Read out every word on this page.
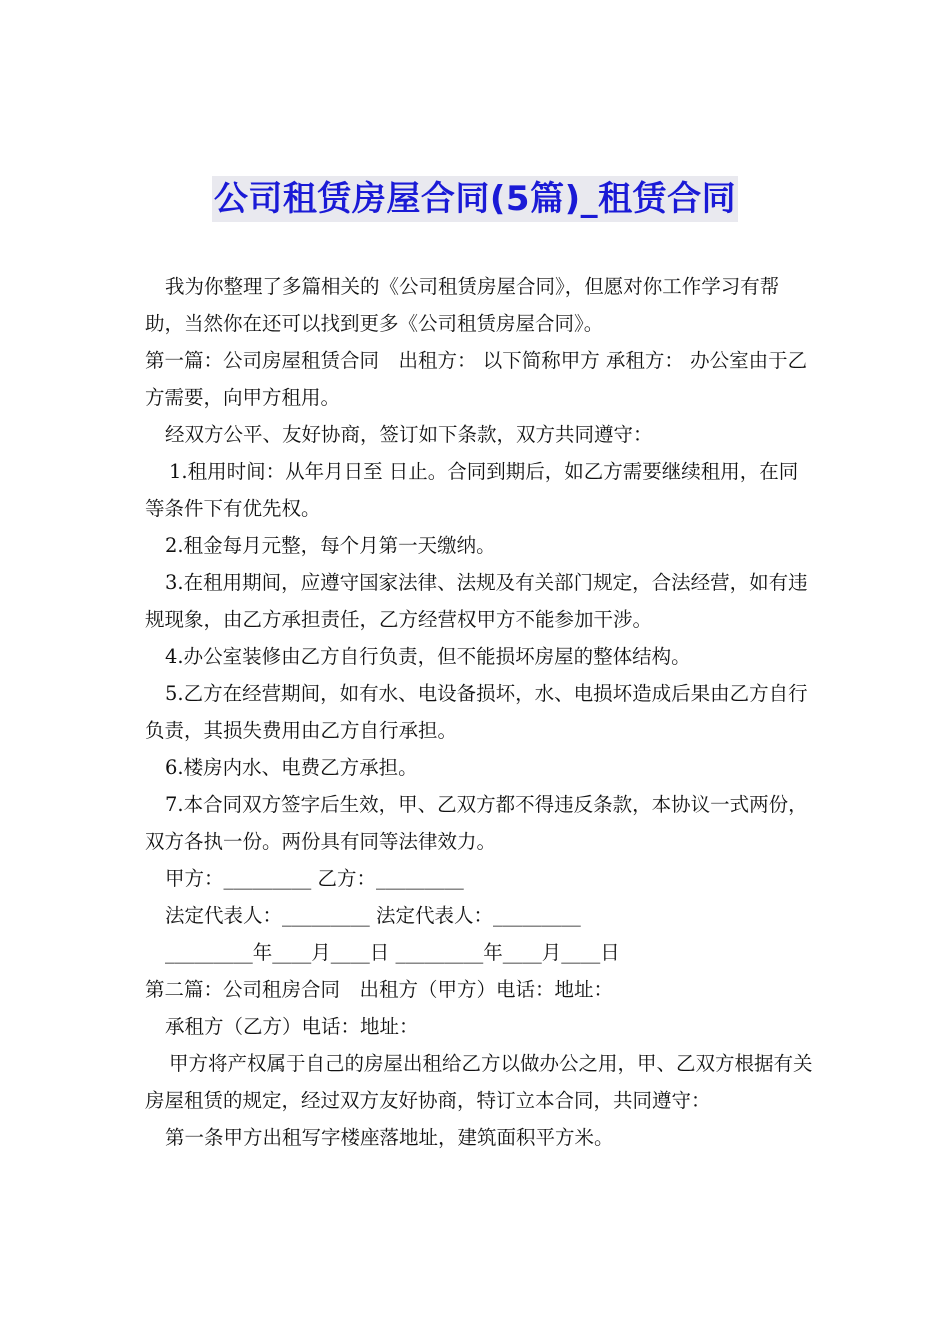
公司租赁房屋合同(5篇)_租赁合同

我为你整理了多篇相关的《公司租赁房屋合同》，但愿对你工作学习有帮助，当然你在还可以找到更多《公司租赁房屋合同》。

第一篇：公司房屋租赁合同　出租方： 以下简称甲方 承租方： 办公室由于乙方需要，向甲方租用。

经双方公平、友好协商，签订如下条款，双方共同遵守：

1.租用时间：从年月日至 日止。合同到期后，如乙方需要继续租用，在同等条件下有优先权。

2.租金每月元整，每个月第一天缴纳。

3.在租用期间，应遵守国家法律、法规及有关部门规定，合法经营，如有违规现象，由乙方承担责任，乙方经营权甲方不能参加干涉。

4.办公室装修由乙方自行负责，但不能损坏房屋的整体结构。

5.乙方在经营期间，如有水、电设备损坏，水、电损坏造成后果由乙方自行负责，其损失费用由乙方自行承担。

6.楼房内水、电费乙方承担。

7.本合同双方签字后生效，甲、乙双方都不得违反条款，本协议一式两份，双方各执一份。两份具有同等法律效力。

甲方：_________ 乙方：_________

法定代表人：_________ 法定代表人：_________

_________年____月____日 _________年____月____日

第二篇：公司租房合同　出租方（甲方）电话：地址：

承租方（乙方）电话：地址：

甲方将产权属于自己的房屋出租给乙方以做办公之用，甲、乙双方根据有关房屋租赁的规定，经过双方友好协商，特订立本合同，共同遵守：

第一条甲方出租写字楼座落地址，建筑面积平方米。
